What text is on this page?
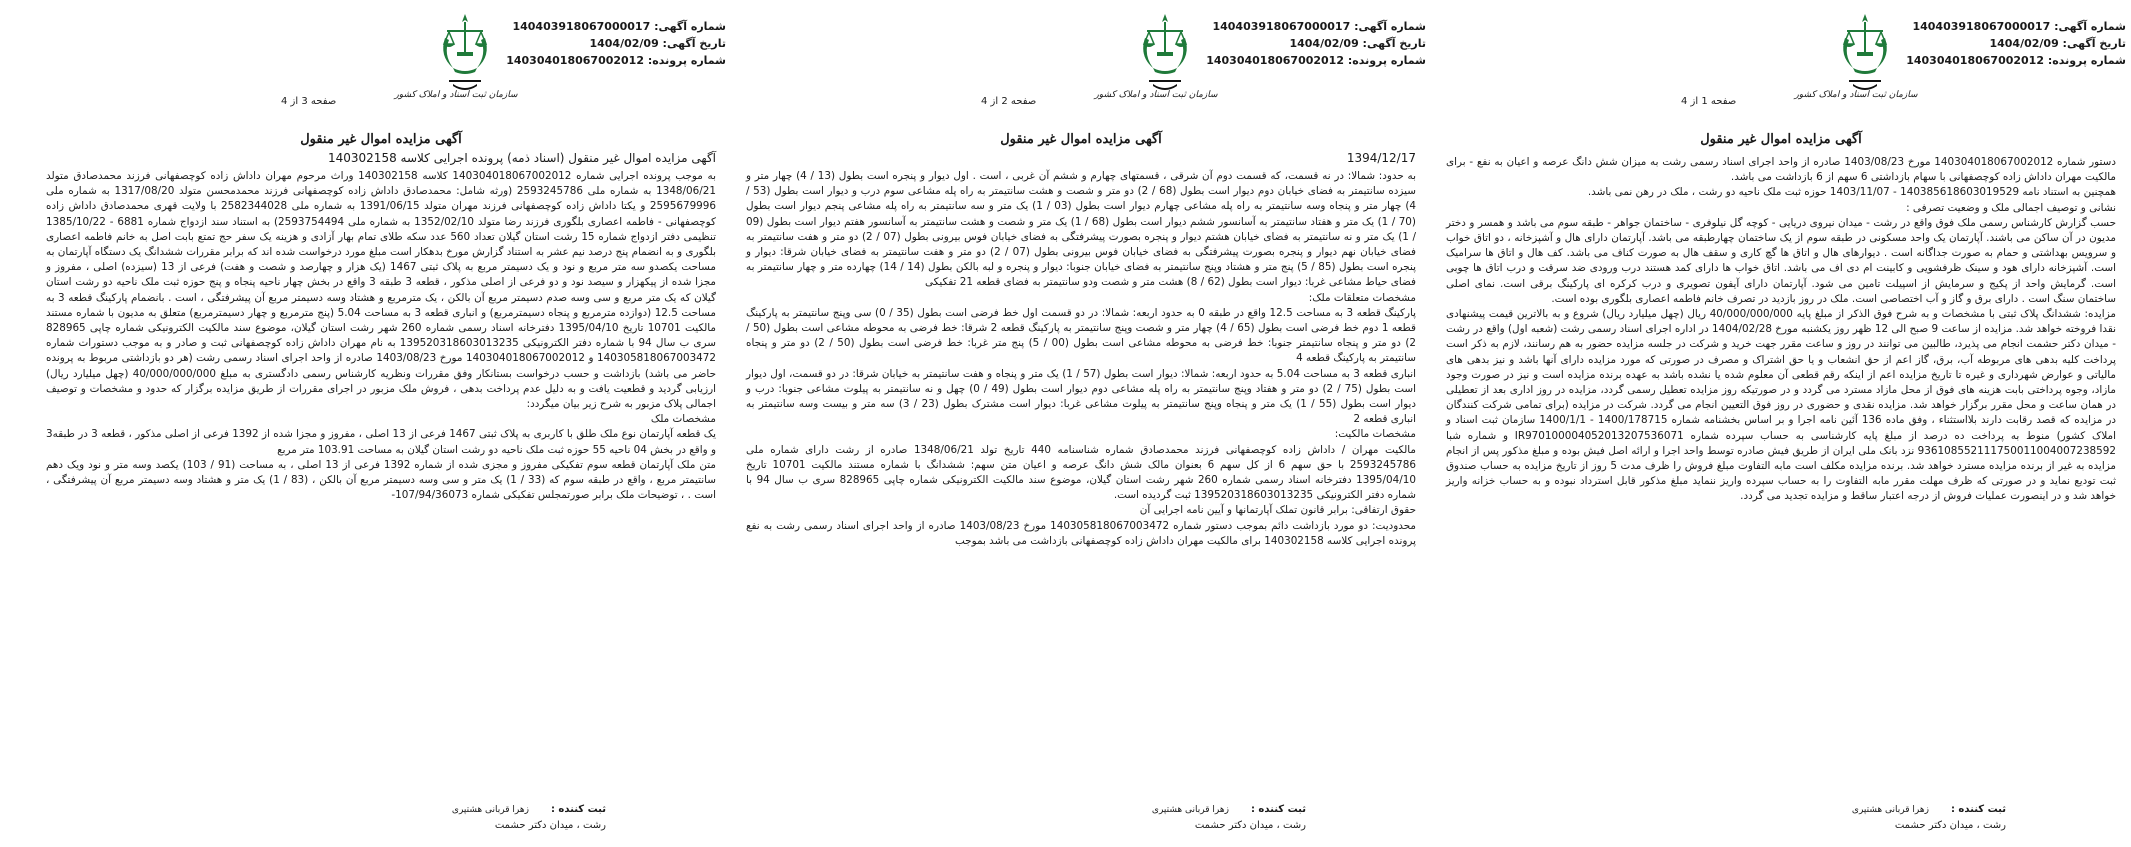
سازمان ثبت اسناد و املاک کشور
شماره آگهی: 140403918067000017
تاریخ آگهی: 1404/02/09
شماره پرونده: 140304018067002012
صفحه 1 از 4
آگهی مزایده اموال غیر منقول

دستور شماره 140304018067002012 مورخ 1403/08/23 صادره از واحد اجرای اسناد رسمی رشت به میزان شش دانگ عرصه و اعیان به نفع - برای مالکیت مهران داداش زاده کوچصفهانی با سهام بازداشتی 6 سهم از 6 بازداشت می باشد.

همچنین به استناد نامه 140385618603019529 - 1403/11/07 حوزه ثبت ملک ناحیه دو رشت ، ملک در رهن نمی باشد.

نشانی و توصیف اجمالی ملک و وضعیت تصرفی :

حسب گزارش کارشناس رسمی ملک فوق واقع در رشت - میدان نیروی دریایی - کوچه گل نیلوفری - ساختمان جواهر - طبقه سوم می باشد و همسر و دختر مدیون در آن ساکن می باشند. آپارتمان یک واحد مسکونی در طبقه سوم از یک ساختمان چهارطبقه می باشد. آپارتمان دارای هال و آشپزخانه ، دو اتاق خواب و سرویس بهداشتی و حمام به صورت جداگانه است . دیوارهای هال و اتاق ها گچ کاری و سقف هال به صورت کناف می باشد. کف هال و اتاق ها سرامیک است. آشپزخانه دارای هود و سینک ظرفشویی و کابینت ام دی اف می باشد. اتاق خواب ها دارای کمد هستند درب ورودی ضد سرقت و درب اتاق ها چوبی است. گرمایش واحد از پکیج و سرمایش از اسپیلت تامین می شود. آپارتمان دارای آیفون تصویری و درب کرکره ای پارکینگ برقی است. نمای اصلی ساختمان سنگ است . دارای برق و گاز و آب اختصاصی است. ملک در روز بازدید در تصرف خانم فاطمه اعصاری بلگوری بوده است.

مزایده: ششدانگ پلاک ثبتی با مشخصات و به شرح فوق الذکر از مبلغ پایه 40/000/000/000 ریال (چهل میلیارد ریال) شروع و به بالاترین قیمت پیشنهادی نقدا فروخته خواهد شد. مزایده از ساعت 9 صبح الی 12 ظهر روز یکشنبه مورخ 1404/02/28 در اداره اجرای اسناد رسمی رشت (شعبه اول) واقع در رشت - میدان دکتر حشمت انجام می پذیرد، طالبین می توانند در روز و ساعت مقرر جهت خرید و شرکت در جلسه مزایده حضور به هم رسانند، لازم به ذکر است پرداخت کلیه بدهی های مربوطه آب، برق، گاز اعم از حق انشعاب و یا حق اشتراک و مصرف در صورتی که مورد مزایده دارای آنها باشد و نیز بدهی های مالیاتی و عوارض شهرداری و غیره تا تاریخ مزایده اعم از اینکه رقم قطعی آن معلوم شده یا نشده باشد به عهده برنده مزایده است و نیز در صورت وجود مازاد، وجوه پرداختی بابت هزینه های فوق از محل مازاد مسترد می گردد و در صورتیکه روز مزایده تعطیل رسمی گردد، مزایده در روز اداری بعد از تعطیلی در همان ساعت و محل مقرر برگزار خواهد شد. مزایده نقدی و حضوری در روز فوق التعیین انجام می گردد. شرکت در مزایده (برای تمامی شرکت کنندگان در مزایده که قصد رقابت دارند بلااستثناء ، وفق ماده 136 آئین نامه اجرا و بر اساس بخشنامه شماره 1400/178715 - 1400/1/1 سازمان ثبت اسناد و املاک کشور) منوط به پرداخت ده درصد از مبلغ پایه کارشناسی به حساب سپرده شماره IR970100004052013207536071 و شماره شبا 936108552111750011004007238592 نزد بانک ملی ایران از طریق فیش صادره توسط واحد اجرا و ارائه اصل فیش بوده و مبلغ مذکور پس از انجام مزایده به غیر از برنده مزایده مسترد خواهد شد. برنده مزایده مکلف است مابه التفاوت مبلغ فروش را ظرف مدت 5 روز از تاریخ مزایده به حساب صندوق ثبت تودیع نماید و در صورتی که ظرف مهلت مقرر مابه التفاوت را به حساب سپرده واریز ننماید مبلغ مذکور قابل استرداد نبوده و به حساب خزانه واریز خواهد شد و در اینصورت عملیات فروش از درجه اعتبار ساقط و مزایده تجدید می گردد.

ثبت کننده :زهرا قربانی هشتپری
رشت ، میدان دکتر حشمت
سازمان ثبت اسناد و املاک کشور
شماره آگهی: 140403918067000017
تاریخ آگهی: 1404/02/09
شماره پرونده: 140304018067002012
صفحه 2 از 4
آگهی مزایده اموال غیر منقول
1394/12/17

به حدود: شمالا: در نه قسمت، که قسمت دوم آن شرقی ، قسمتهای چهارم و ششم آن غربی ، است . اول دیوار و پنجره است بطول (13 / 4) چهار متر و سیزده سانتیمتر به فضای خیابان دوم دیوار است بطول (68 / 2) دو متر و شصت و هشت سانتیمتر به راه پله مشاعی سوم درب و دیوار است بطول (53 / 4) چهار متر و پنجاه وسه سانتیمتر به راه پله مشاعی چهارم دیوار است بطول (03 / 1) یک متر و سه سانتیمتر به راه پله مشاعی پنجم دیوار است بطول (70 / 1) یک متر و هفتاد سانتیمتر به آسانسور ششم دیوار است بطول (68 / 1) یک متر و شصت و هشت سانتیمتر به آسانسور هفتم دیوار است بطول (09 / 1) یک متر و نه سانتیمتر به فضای خیابان هشتم دیوار و پنجره بصورت پیشرفتگی به فضای خیابان فوس بیرونی بطول (07 / 2) دو متر و هفت سانتیمتر به فضای خیابان نهم دیوار و پنجره بصورت پیشرفتگی به فضای خیابان فوس بیرونی بطول (07 / 2) دو متر و هفت سانتیمتر به فضای خیابان شرقا: دیوار و پنجره است بطول (85 / 5) پنج متر و هشتاد وپنج سانتیمتر به فضای خیابان جنوبا: دیوار و پنجره و لبه بالکن بطول (14 / 14) چهارده متر و چهار سانتیمتر به فضای حیاط مشاعی غربا: دیوار است بطول (62 / 8) هشت متر و شصت ودو سانتیمتر به فضای قطعه 21 تفکیکی

مشخصات متعلقات ملک:

پارکینگ قطعه 3 به مساحت 12.5 واقع در طبقه 0 به حدود اربعه: شمالا: در دو قسمت اول خط فرضی است بطول (35 / 0) سی وپنج سانتیمتر به پارکینگ قطعه 1 دوم خط فرضی است بطول (65 / 4) چهار متر و شصت وپنج سانتیمتر به پارکینگ قطعه 2 شرقا: خط فرضی به محوطه مشاعی است بطول (50 / 2) دو متر و پنجاه سانتیمتر جنوبا: خط فرضی به محوطه مشاعی است بطول (00 / 5) پنج متر غربا: خط فرضی است بطول (50 / 2) دو متر و پنجاه سانتیمتر به پارکینگ قطعه 4

انباری قطعه 3 به مساحت 5.04 به حدود اربعه: شمالا: دیوار است بطول (57 / 1) یک متر و پنجاه و هفت سانتیمتر به خیابان شرقا: در دو قسمت، اول دیوار است بطول (75 / 2) دو متر و هفتاد وپنج سانتیمتر به راه پله مشاعی دوم دیوار است بطول (49 / 0) چهل و نه سانتیمتر به پیلوت مشاعی جنوبا: درب و دیوار است بطول (55 / 1) یک متر و پنجاه وپنج سانتیمتر به پیلوت مشاعی غربا: دیوار است مشترک بطول (23 / 3) سه متر و بیست وسه سانتیمتر به انباری قطعه 2

مشخصات مالکیت:

مالکیت مهران / داداش زاده کوچصفهانی فرزند محمدصادق شماره شناسنامه 440 تاریخ تولد 1348/06/21 صادره از رشت دارای شماره ملی 2593245786 با حق سهم 6 از کل سهم 6 بعنوان مالک شش دانگ عرصه و اعیان متن سهم: ششدانگ با شماره مستند مالکیت 10701 تاریخ 1395/04/10 دفترخانه اسناد رسمی شماره 260 شهر رشت استان گیلان، موضوع سند مالکیت الکترونیکی شماره چاپی 828965 سری ب سال 94 با شماره دفتر الکترونیکی 139520318603013235 ثبت گردیده است.

حقوق ارتفاقی: برابر قانون تملک آپارتمانها و آیین نامه اجرایی آن

محدودیت: دو مورد بازداشت دائم بموجب دستور شماره 140305818067003472 مورخ 1403/08/23 صادره از واحد اجرای اسناد رسمی رشت به نفع پرونده اجرایی کلاسه 140302158 برای مالکیت مهران داداش زاده کوچصفهانی بازداشت می باشد بموجب

ثبت کننده :زهرا قربانی هشتپری
رشت ، میدان دکتر حشمت
سازمان ثبت اسناد و املاک کشور
شماره آگهی: 140403918067000017
تاریخ آگهی: 1404/02/09
شماره پرونده: 140304018067002012
صفحه 3 از 4
آگهی مزایده اموال غیر منقول
آگهی مزایده اموال غیر منقول (اسناد ذمه) پرونده اجرایی کلاسه 140302158

به موجب پرونده اجرایی شماره 140304018067002012 کلاسه 140302158 وراث مرحوم مهران داداش زاده کوچصفهانی فرزند محمدصادق متولد 1348/06/21 به شماره ملی 2593245786 (ورثه شامل: محمدصادق داداش زاده کوچصفهانی فرزند محمدمحسن متولد 1317/08/20 به شماره ملی 2595679996 و یکتا داداش زاده کوچصفهانی فرزند مهران متولد 1391/06/15 به شماره ملی 2582344028 با ولایت قهری محمدصادق داداش زاده کوچصفهانی - فاطمه اعصاری بلگوری فرزند رضا متولد 1352/02/10 به شماره ملی 2593754494) به استناد سند ازدواج شماره 6881 - 1385/10/22 تنظیمی دفتر ازدواج شماره 15 رشت استان گیلان تعداد 560 عدد سکه طلای تمام بهار آزادی و هزینه یک سفر حج تمتع بابت اصل به خانم فاطمه اعصاری بلگوری و به انضمام پنج درصد نیم عشر به استناد گزارش مورخ بدهکار است مبلغ مورد درخواست شده اند که برابر مقررات ششدانگ یک دستگاه آپارتمان به مساحت یکصدو سه متر مربع و نود و یک دسیمتر مربع به پلاک ثبتی 1467 (یک هزار و چهارصد و شصت و هفت) فرعی از 13 (سیزده) اصلی ، مفروز و مجزا شده از پیکهزار و سیصد نود و دو فرعی از اصلی مذکور ، قطعه 3 طبقه 3 واقع در بخش چهار ناحیه پنجاه و پنج حوزه ثبت ملک ناحیه دو رشت استان گیلان که یک متر مربع و سی وسه صدم دسیمتر مربع آن بالکن ، یک مترمربع و هشتاد وسه دسیمتر مربع آن پیشرفتگی ، است . بانضمام پارکینگ قطعه 3 به مساحت 12.5 (دوازده مترمربع و پنجاه دسیمترمربع) و انباری قطعه 3 به مساحت 5.04 (پنج مترمربع و چهار دسیمترمربع) متعلق به مدیون با شماره مستند مالکیت 10701 تاریخ 1395/04/10 دفترخانه اسناد رسمی شماره 260 شهر رشت استان گیلان، موضوع سند مالکیت الکترونیکی شماره چاپی 828965 سری ب سال 94 با شماره دفتر الکترونیکی 139520318603013235 به نام مهران داداش زاده کوچصفهانی ثبت و صادر و به موجب دستورات شماره 140305818067003472 و 140304018067002012 مورخ 1403/08/23 صادره از واحد اجرای اسناد رسمی رشت (هر دو بازداشتی مربوط به پرونده حاضر می باشد) بازداشت و حسب درخواست بستانکار وفق مقررات ونظریه کارشناس رسمی دادگستری به مبلغ 40/000/000/000 (چهل میلیارد ریال) ارزیابی گردید و قطعیت یافت و به دلیل عدم پرداخت بدهی ، فروش ملک مزبور در اجرای مقررات از طریق مزایده برگزار که حدود و مشخصات و توصیف اجمالی پلاک مزبور به شرح زیر بیان میگردد:

مشخصات ملک

یک قطعه آپارتمان نوع ملک طلق با کاربری به پلاک ثبتی 1467 فرعی از 13 اصلی ، مفروز و مجزا شده از 1392 فرعی از اصلی مذکور ، قطعه 3 در طبقه3 و واقع در بخش 04 ناحیه 55 حوزه ثبت ملک ناحیه دو رشت استان گیلان به مساحت 103.91 متر مربع

متن ملک آپارتمان قطعه سوم تفکیکی مفروز و مجزی شده از شماره 1392 فرعی از 13 اصلی ، به مساحت (91 / 103) یکصد وسه متر و نود ویک دهم سانتیمتر مربع ، واقع در طبقه سوم که (33 / 1) یک متر و سی وسه دسیمتر مربع آن بالکن ، (83 / 1) یک متر و هشتاد وسه دسیمتر مربع آن پیشرفتگی ، است . ، توضیحات ملک برابر صورتمجلس تفکیکی شماره 107/94/36073-

ثبت کننده :زهرا قربانی هشتپری
رشت ، میدان دکتر حشمت
